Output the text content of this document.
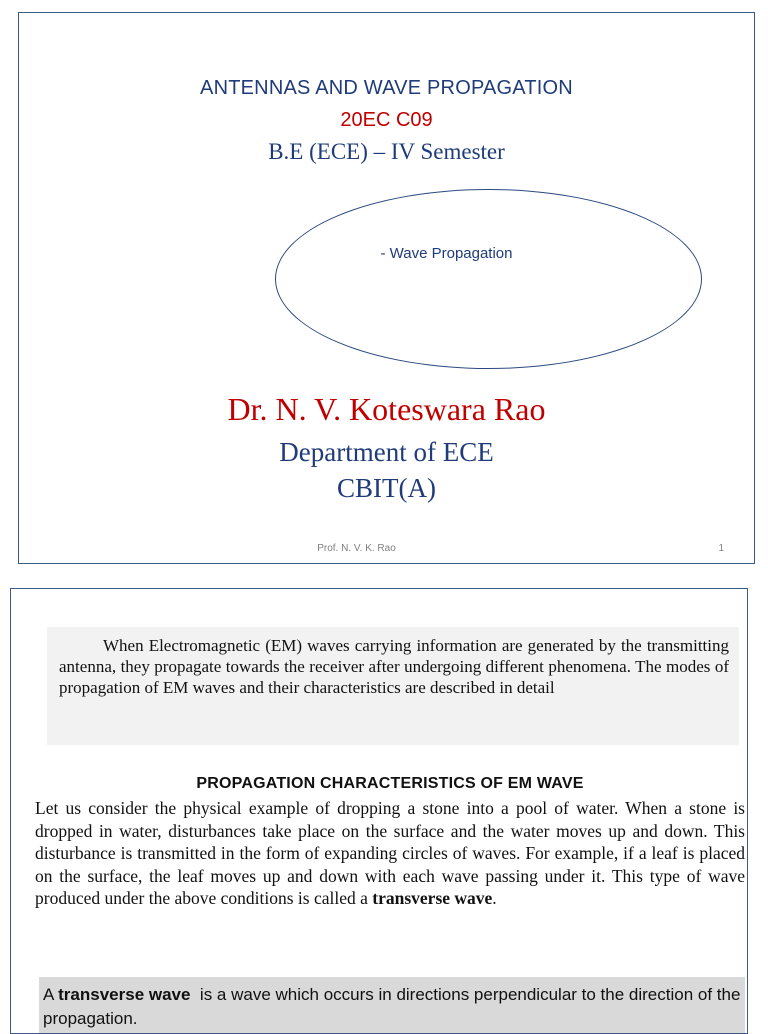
ANTENNAS AND WAVE PROPAGATION
20EC C09
B.E (ECE) – IV Semester
- Wave Propagation
Dr. N. V. Koteswara Rao
Department of ECE
CBIT(A)
Prof. N. V. K. Rao	1

When Electromagnetic (EM) waves carrying information are generated by the transmitting antenna, they propagate towards the receiver after undergoing different phenomena. The modes of propagation of EM waves and their characteristics are described in detail

PROPAGATION CHARACTERISTICS OF EM WAVE

Let us consider the physical example of dropping a stone into a pool of water. When a stone is dropped in water, disturbances take place on the surface and the water moves up and down. This disturbance is transmitted in the form of expanding circles of waves. For example, if a leaf is placed on the surface, the leaf moves up and down with each wave passing under it. This type of wave produced under the above conditions is called a transverse wave.

A transverse wave is a wave which occurs in directions perpendicular to the direction of the propagation.
